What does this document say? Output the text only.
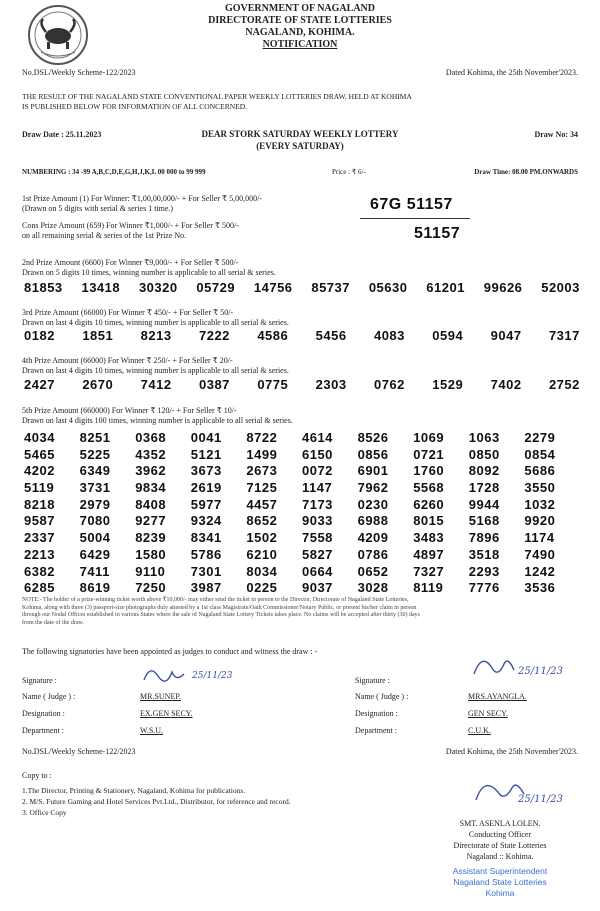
GOVERNMENT OF NAGALAND
DIRECTORATE OF STATE LOTTERIES
NAGALAND, KOHIMA.
NOTIFICATION
No.DSL/Weekly Scheme-122/2023	Dated Kohima, the 25th November'2023.
THE RESULT OF THE NAGALAND STATE CONVENTIONAL PAPER WEEKLY LOTTERIES DRAW, HELD AT KOHIMA
IS PUBLISHED BELOW FOR INFORMATION OF ALL CONCERNED.
Draw Date : 25.11.2023	DEAR STORK SATURDAY WEEKLY LOTTERY
(EVERY SATURDAY)
Draw No: 34
NUMBERING : 34 -99 A,B,C,D,E,G,H,J,K,L 00 000 to 99 999	Price : ₹ 6/-	Draw Time: 08.00 PM.ONWARDS
1st Prize Amount (1) For Winner: ₹1,00,00,000/- + For Seller ₹ 5,00,000/-
(Drawn on 5 digits with serial & series 1 time.)	67G 51157
Cons Prize Amount (659) For Winner ₹1,000/- + For Seller ₹ 500/-
on all remaining serial & series of the 1st Prize No.	51157
2nd Prize Amount (6600) For Winner ₹9,000/- + For Seller ₹ 500/-
Drawn on 5 digits 10 times, winning number is applicable to all serial & series.
81853 13418 30320 05729 14756 85737 05630 61201 99626 52003
3rd Prize Amount (66000) For Winner ₹ 450/- + For Seller ₹ 50/-
Drawn on last 4 digits 10 times, winning number is applicable to all serial & series.
0182 1851 8213 7222 4586 5456 4083 0594 9047 7317
4th Prize Amount (66000) For Winner ₹ 250/- + For Seller ₹ 20/-
Drawn on last 4 digits 10 times, winning number is applicable to all serial & series.
2427 2670 7412 0387 0775 2303 0762 1529 7402 2752
5th Prize Amount (660000) For Winner ₹ 120/- + For Seller ₹ 10/-
Drawn on last 4 digits 100 times, winning number is applicable to all serial & series.
4034	8251	0368	0041	8722	4614	8526	1069	1063	2279
5465	5225	4352	5121	1499	6150	0856	0721	0850	0854
4202	6349	3962	3673	2673	0072	6901	1760	8092	5686
5119	3731	9834	2619	7125	1147	7962	5568	1728	3550
8218	2979	8408	5977	4457	7173	0230	6260	9944	1032
9587	7080	9277	9324	8652	9033	6988	8015	5168	9920
2337	5004	8239	8341	1502	7558	4209	3483	7896	1174
2213	6429	1580	5786	6210	5827	0786	4897	3518	7490
6382	7411	9110	7301	8034	0664	0652	7327	2293	1242
6285	8619	7250	3987	0225	9037	3028	8119	7776	3536
NOTE:- The holder of a prize-winning ticket worth above ₹10,000/- may either send the ticket in person to the Director, Directorate of Nagaland State Lotteries,
Kohima, along with three (3) passport-size photographs duly attested by a 1st class Magistrate/Oath Commissioner/Notary Public, or present his/her claim in person
through our Nodal Offices established in various States where the sale of Nagaland State Lottery Tickets takes place. No claims will be accepted after thirty (30) days
from the date of the draw.
The following signatories have been appointed as judges to conduct and witness the draw : -
Signature :	25/11/23
Name ( Judge ) :	MR.SUNEP.
Designation :	EX.GEN SECY.
Department :	W.S.U.
Signature :
25/11/23
Name ( Judge ) :	MRS.AYANGLA.
Designation :	GEN SECY.
Department :	C.U.K.
No.DSL/Weekly Scheme-122/2023	Dated Kohima, the 25th November'2023.
Copy to :
1.The Director, Printing & Stationery, Nagaland, Kohima for publications.
2. M/S. Future Gaming and Hotel Services Pvt.Ltd., Distributor, for reference and record.
3. Office Copy
25/11/23
SMT. ASENLA LOLEN.
Conducting Officer
Directorate of State Lotteries
Nagaland :: Kohima.
Assistant Superintendent
Nagaland State Lotteries
Kohima
